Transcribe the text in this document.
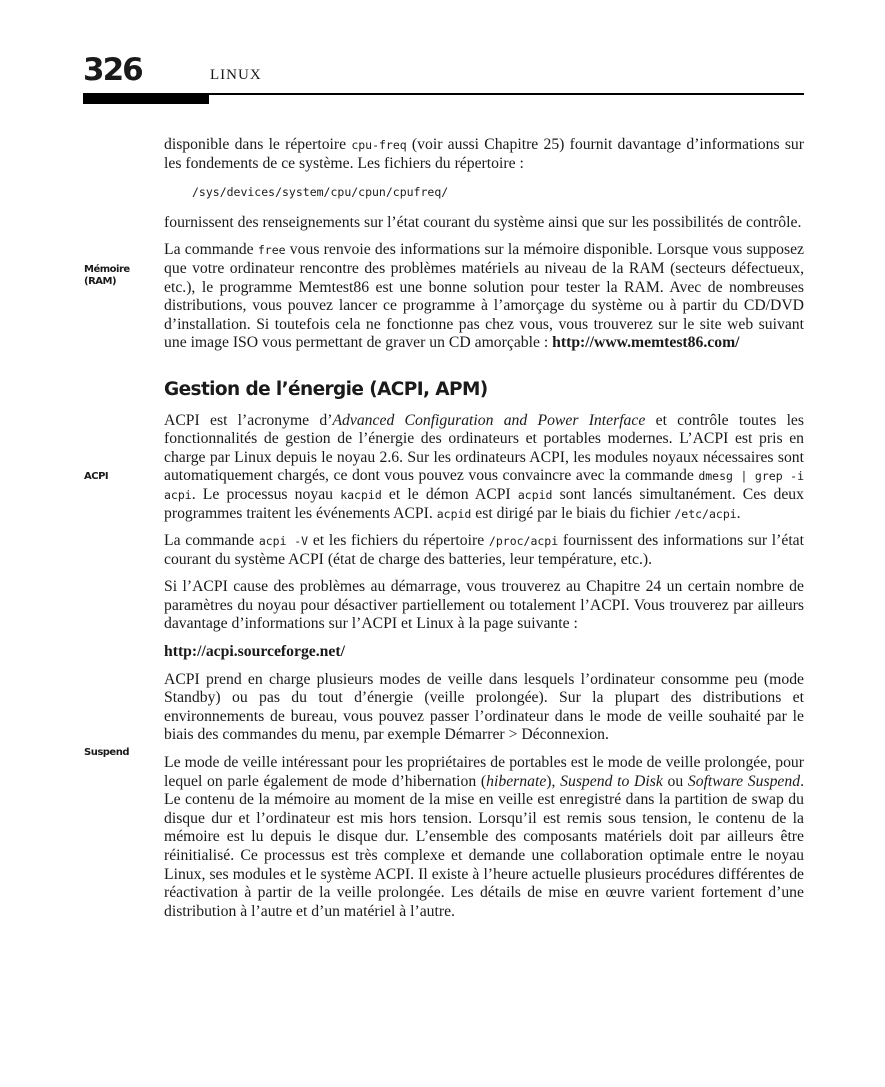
326	LINUX
Mémoire (RAM)
ACPI
Suspend

disponible dans le répertoire cpu-freq (voir aussi Chapitre 25) fournit davantage d’informations sur les fondements de ce système. Les fichiers du répertoire :

/sys/devices/system/cpu/cpun/cpufreq/

fournissent des renseignements sur l’état courant du système ainsi que sur les possibilités de contrôle.

La commande free vous renvoie des informations sur la mémoire disponible. Lorsque vous supposez que votre ordinateur rencontre des problèmes matériels au niveau de la RAM (secteurs défectueux, etc.), le programme Memtest86 est une bonne solution pour tester la RAM. Avec de nombreuses distributions, vous pouvez lancer ce programme à l’amorçage du système ou à partir du CD/DVD d’installation. Si toutefois cela ne fonctionne pas chez vous, vous trouverez sur le site web suivant une image ISO vous permettant de graver un CD amorçable : http://www.memtest86.com/

Gestion de l’énergie (ACPI, APM)

ACPI est l’acronyme d’Advanced Configuration and Power Interface et contrôle toutes les fonctionnalités de gestion de l’énergie des ordinateurs et portables modernes. L’ACPI est pris en charge par Linux depuis le noyau 2.6. Sur les ordinateurs ACPI, les modules noyaux nécessaires sont automatiquement chargés, ce dont vous pouvez vous convaincre avec la commande dmesg | grep -i acpi. Le processus noyau kacpid et le démon ACPI acpid sont lancés simultanément. Ces deux programmes traitent les événements ACPI. acpid est dirigé par le biais du fichier /etc/acpi.

La commande acpi -V et les fichiers du répertoire /proc/acpi fournissent des informations sur l’état courant du système ACPI (état de charge des batteries, leur température, etc.).

Si l’ACPI cause des problèmes au démarrage, vous trouverez au Chapitre 24 un certain nombre de paramètres du noyau pour désactiver partiellement ou totalement l’ACPI. Vous trouverez par ailleurs davantage d’informations sur l’ACPI et Linux à la page suivante :

http://acpi.sourceforge.net/

ACPI prend en charge plusieurs modes de veille dans lesquels l’ordinateur consomme peu (mode Standby) ou pas du tout d’énergie (veille prolongée). Sur la plupart des distributions et environnements de bureau, vous pouvez passer l’ordinateur dans le mode de veille souhaité par le biais des commandes du menu, par exemple Démarrer > Déconnexion.

Le mode de veille intéressant pour les propriétaires de portables est le mode de veille prolongée, pour lequel on parle également de mode d’hibernation (hibernate), Suspend to Disk ou Software Suspend. Le contenu de la mémoire au moment de la mise en veille est enregistré dans la partition de swap du disque dur et l’ordinateur est mis hors tension. Lorsqu’il est remis sous tension, le contenu de la mémoire est lu depuis le disque dur. L’ensemble des composants matériels doit par ailleurs être réinitialisé. Ce processus est très complexe et demande une collaboration optimale entre le noyau Linux, ses modules et le système ACPI. Il existe à l’heure actuelle plusieurs procédures différentes de réactivation à partir de la veille prolongée. Les détails de mise en œuvre varient fortement d’une distribution à l’autre et d’un matériel à l’autre.
